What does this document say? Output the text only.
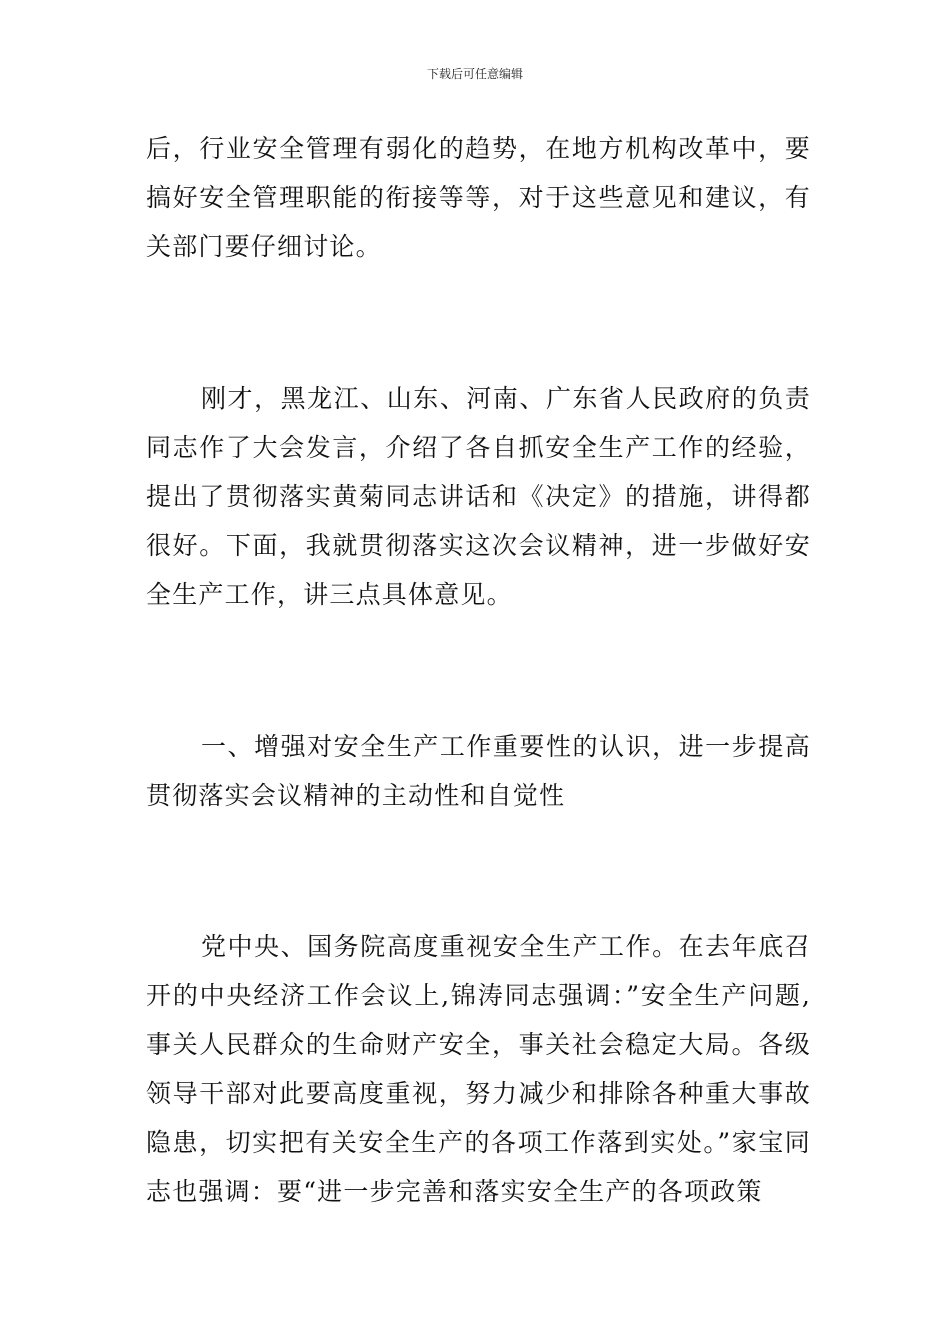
下载后可任意编辑

后，行业安全管理有弱化的趋势，在地方机构改革中，要搞好安全管理职能的衔接等等，对于这些意见和建议，有关部门要仔细讨论。

刚才，黑龙江、山东、河南、广东省人民政府的负责同志作了大会发言，介绍了各自抓安全生产工作的经验，提出了贯彻落实黄菊同志讲话和《决定》的措施，讲得都很好。下面，我就贯彻落实这次会议精神，进一步做好安全生产工作，讲三点具体意见。

一、增强对安全生产工作重要性的认识，进一步提高贯彻落实会议精神的主动性和自觉性

党中央、国务院高度重视安全生产工作。在去年底召开的中央经济工作会议上,锦涛同志强调：”安全生产问题,事关人民群众的生命财产安全，事关社会稳定大局。各级领导干部对此要高度重视，努力减少和排除各种重大事故隐患，切实把有关安全生产的各项工作落到实处。”家宝同志也强调：要“进一步完善和落实安全生产的各项政策
